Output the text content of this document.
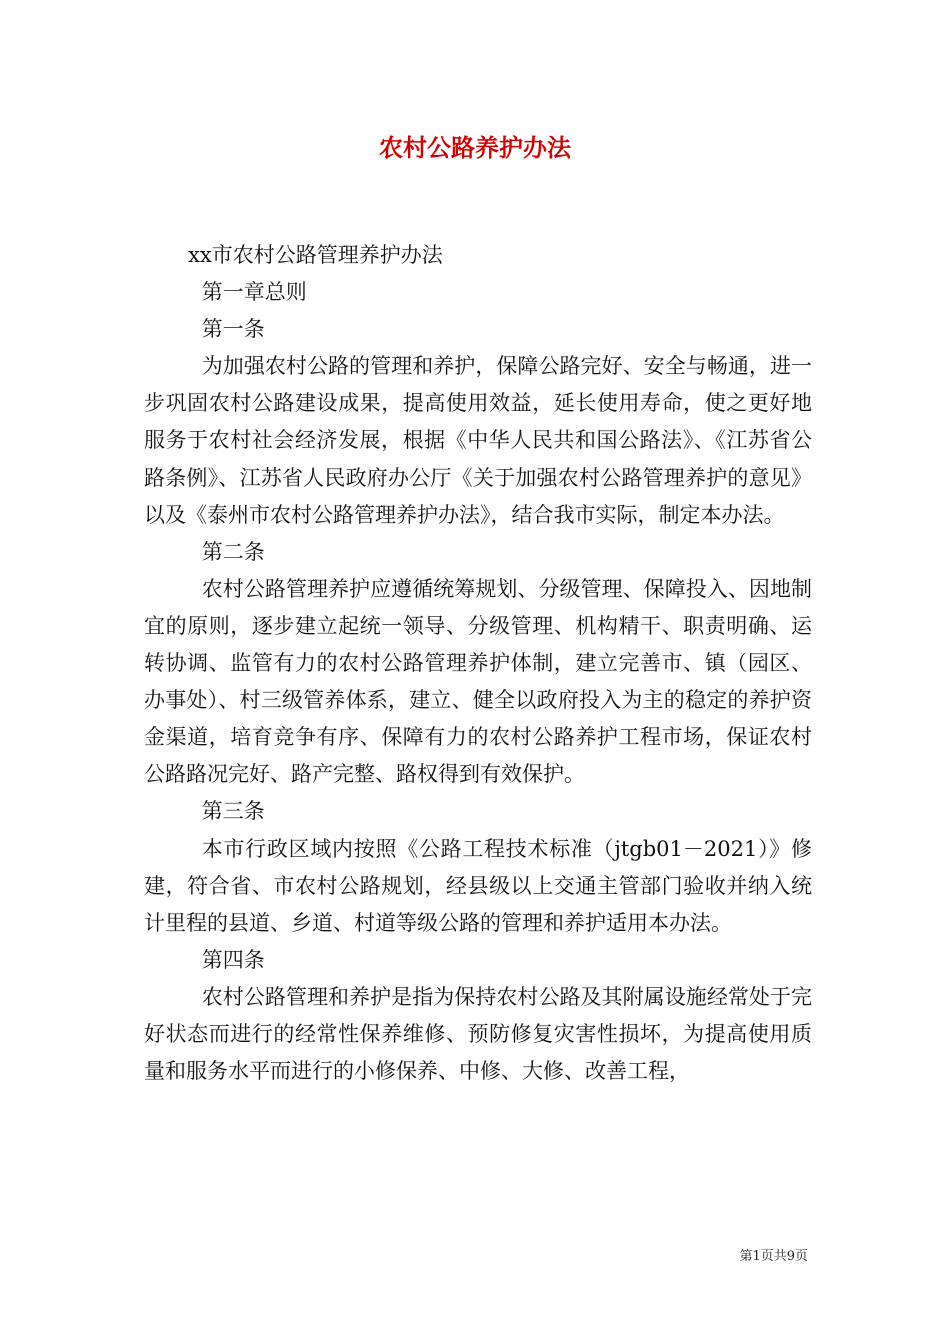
农村公路养护办法

xx市农村公路管理养护办法

第一章总则

第一条

为加强农村公路的管理和养护，保障公路完好、安全与畅通，进一步巩固农村公路建设成果，提高使用效益，延长使用寿命，使之更好地服务于农村社会经济发展，根据《中华人民共和国公路法》、《江苏省公路条例》、江苏省人民政府办公厅《关于加强农村公路管理养护的意见》以及《泰州市农村公路管理养护办法》，结合我市实际，制定本办法。

第二条

农村公路管理养护应遵循统筹规划、分级管理、保障投入、因地制宜的原则，逐步建立起统一领导、分级管理、机构精干、职责明确、运转协调、监管有力的农村公路管理养护体制，建立完善市、镇（园区、办事处）、村三级管养体系，建立、健全以政府投入为主的稳定的养护资金渠道，培育竞争有序、保障有力的农村公路养护工程市场，保证农村公路路况完好、路产完整、路权得到有效保护。

第三条

本市行政区域内按照《公路工程技术标准（jtgb01－2021）》修建，符合省、市农村公路规划，经县级以上交通主管部门验收并纳入统计里程的县道、乡道、村道等级公路的管理和养护适用本办法。

第四条

农村公路管理和养护是指为保持农村公路及其附属设施经常处于完好状态而进行的经常性保养维修、预防修复灾害性损坏，为提高使用质量和服务水平而进行的小修保养、中修、大修、改善工程，

第1页共9页
